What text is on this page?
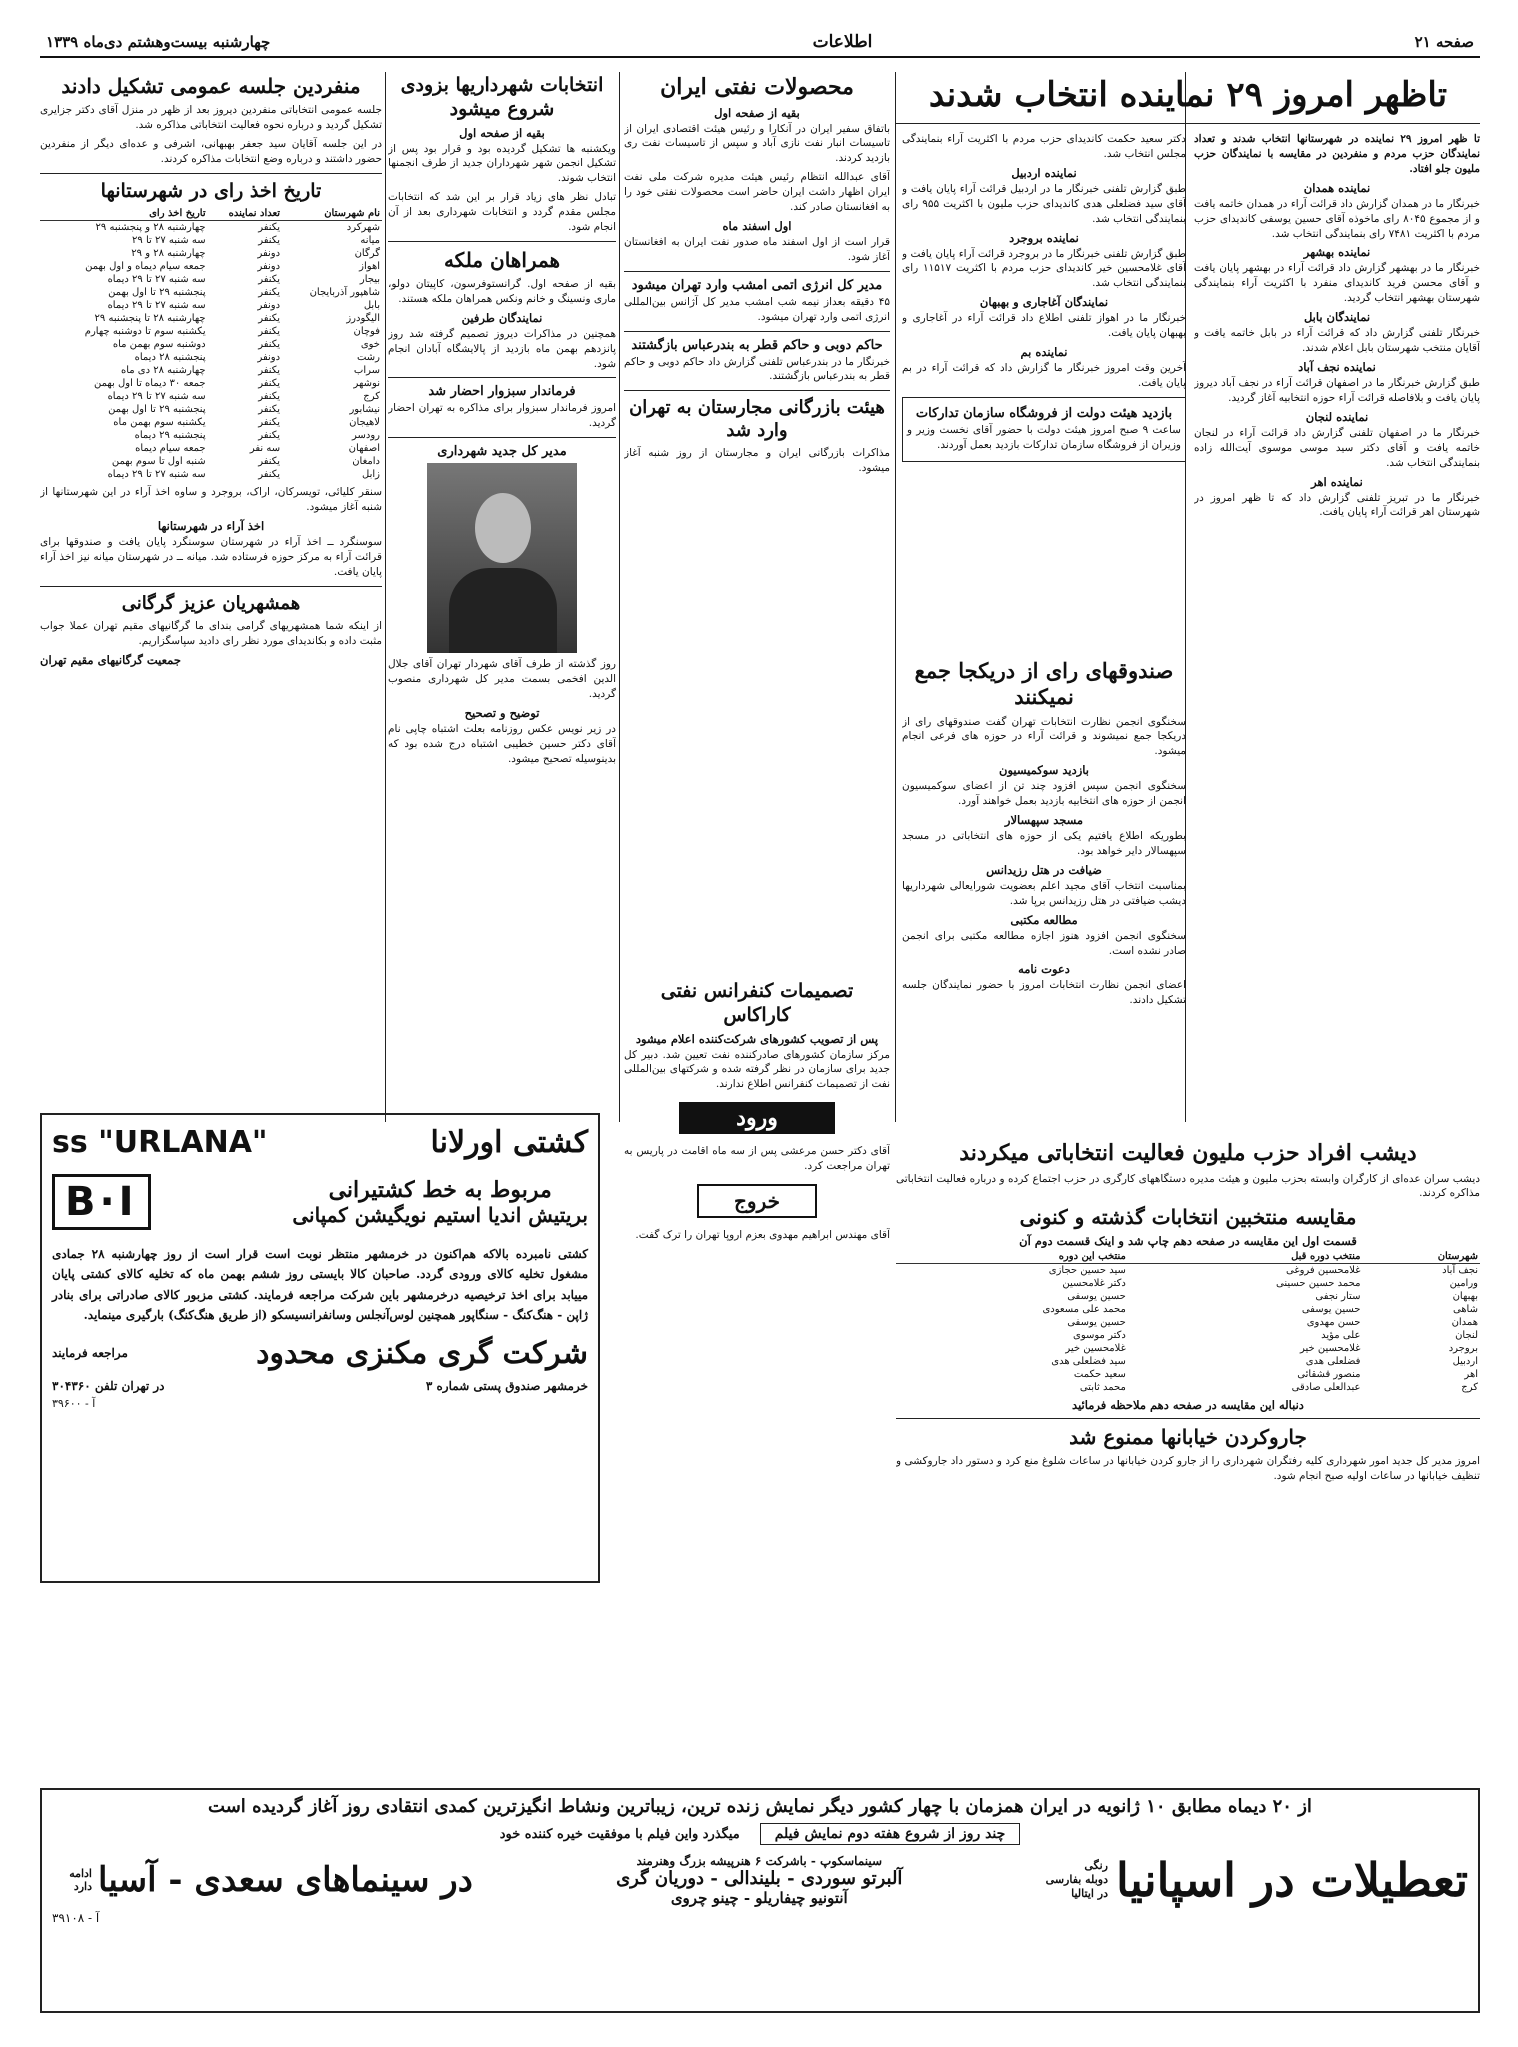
صفحه ۲۱
اطلاعات
چهارشنبه بیست‌وهشتم دی‌ماه ۱۳۳۹
تاظهر امروز ۲۹ نماینده انتخاب شدند

تا ظهر امروز ۲۹ نماینده در شهرستانها انتخاب شدند و تعداد نمایندگان حزب مردم و منفردین در مقایسه با نمایندگان حزب ملیون جلو افتاد.

نماینده همدان

خبرنگار ما در همدان گزارش داد قرائت آراء در همدان خاتمه یافت و از مجموع ۸۰۴۵ رای ماخوذه آقای حسین یوسفی کاندیدای حزب مردم با اکثریت ۷۴۸۱ رای بنمایندگی انتخاب شد.

نماینده بهشهر

خبرنگار ما در بهشهر گزارش داد قرائت آراء در بهشهر پایان یافت و آقای محسن فرید کاندیدای منفرد با اکثریت آراء بنمایندگی شهرستان بهشهر انتخاب گردید.

نمایندگان بابل

خبرنگار تلفنی گزارش داد که قرائت آراء در بابل خاتمه یافت و آقایان منتخب شهرستان بابل اعلام شدند.

نماینده نجف آباد

طبق گزارش خبرنگار ما در اصفهان قرائت آراء در نجف آباد دیروز پایان یافت و بلافاصله قرائت آراء حوزه انتخابیه آغاز گردید.

نماینده لنجان

خبرنگار ما در اصفهان تلفنی گزارش داد قرائت آراء در لنجان خاتمه یافت و آقای دکتر سید موسی موسوی آیت‌الله زاده بنمایندگی انتخاب شد.

نماینده اهر

خبرنگار ما در تبریز تلفنی گزارش داد که تا ظهر امروز در شهرستان اهر قرائت آراء پایان یافت.

دکتر سعید حکمت کاندیدای حزب مردم با اکثریت آراء بنمایندگی مجلس انتخاب شد.

نماینده اردبیل

طبق گزارش تلفنی خبرنگار ما در اردبیل قرائت آراء پایان یافت و آقای سید فضلعلی هدی کاندیدای حزب ملیون با اکثریت ۹۵۵ رای بنمایندگی انتخاب شد.

نماینده بروجرد

طبق گزارش تلفنی خبرنگار ما در بروجرد قرائت آراء پایان یافت و آقای غلامحسین خیر کاندیدای حزب مردم با اکثریت ۱۱۵۱۷ رای بنمایندگی انتخاب شد.

نمایندگان آغاجاری و بهبهان

خبرنگار ما در اهواز تلفنی اطلاع داد قرائت آراء در آغاجاری و بهبهان پایان یافت.

نماینده بم

آخرین وقت امروز خبرنگار ما گزارش داد که قرائت آراء در بم پایان یافت.

بازدید هیئت دولت از فروشگاه سازمان تدارکات

ساعت ۹ صبح امروز هیئت دولت با حضور آقای نخست وزیر و وزیران از فروشگاه سازمان تدارکات بازدید بعمل آوردند.

صندوقهای رای از دریکجا جمع نمیکنند

سخنگوی انجمن نظارت انتخابات تهران گفت صندوقهای رای از دریکجا جمع نمیشوند و قرائت آراء در حوزه های فرعی انجام میشود.

بازدید سوکمیسیون

سخنگوی انجمن سپس افزود چند تن از اعضای سوکمیسیون انجمن از حوزه های انتخابیه بازدید بعمل خواهند آورد.

مسجد سپهسالار

بطوریکه اطلاع یافتیم یکی از حوزه های انتخاباتی در مسجد سپهسالار دایر خواهد بود.

ضیافت در هتل رزیدانس

بمناسبت انتخاب آقای مجید اعلم بعضویت شورایعالی شهرداریها دیشب ضیافتی در هتل رزیدانس برپا شد.

مطالعه مکتبی

سخنگوی انجمن افزود هنوز اجازه مطالعه مکتبی برای انجمن صادر نشده است.

دعوت نامه

اعضای انجمن نظارت انتخابات امروز با حضور نمایندگان جلسه تشکیل دادند.

محصولات نفتی ایران
بقیه از صفحه اول

باتفاق سفیر ایران در آنکارا و رئیس هیئت اقتصادی ایران از تاسیسات انبار نفت نازی آباد و سپس از تاسیسات نفت ری بازدید کردند.

آقای عبدالله انتظام رئیس هیئت مدیره شرکت ملی نفت ایران اظهار داشت ایران حاضر است محصولات نفتی خود را به افغانستان صادر کند.

اول اسفند ماه

قرار است از اول اسفند ماه صدور نفت ایران به افغانستان آغاز شود.

مدیر کل انرژی اتمی امشب وارد تهران میشود

۴۵ دقیقه بعداز نیمه شب امشب مدیر کل آژانس بین‌المللی انرژی اتمی وارد تهران میشود.

حاکم دوبی و حاکم قطر به بندرعباس بازگشتند

خبرنگار ما در بندرعباس تلفنی گزارش داد حاکم دوبی و حاکم قطر به بندرعباس بازگشتند.

هیئت بازرگانی مجارستان به تهران وارد شد

مذاکرات بازرگانی ایران و مجارستان از روز شنبه آغاز میشود.

تصمیمات کنفرانس نفتی کاراکاس
پس از تصویب کشورهای شرکت‌کننده اعلام میشود

مرکز سازمان کشورهای صادرکننده نفت تعیین شد. دبیر کل جدید برای سازمان در نظر گرفته شده و شرکتهای بین‌المللی نفت از تصمیمات کنفرانس اطلاع ندارند.

ورود

آقای دکتر حسن مرعشی پس از سه ماه اقامت در پاریس به تهران مراجعت کرد.

خروج

آقای مهندس ابراهیم مهدوی بعزم اروپا تهران را ترک گفت.

انتخابات شهرداریها بزودی شروع میشود
بقیه از صفحه اول

ویکشنبه ها تشکیل گردیده بود و قرار بود پس از تشکیل انجمن شهر شهرداران جدید از طرف انجمنها انتخاب شوند.

تبادل نظر های زیاد قرار بر این شد که انتخابات مجلس مقدم گردد و انتخابات شهرداری بعد از آن انجام شود.

همراهان ملکه

بقیه از صفحه اول. گرانستوفرسون، کاپیتان دولو، ماری ونسینگ و خانم ونکس همراهان ملکه هستند.

نمایندگان طرفین

همچنین در مذاکرات دیروز تصمیم گرفته شد روز پانزدهم بهمن ماه بازدید از پالایشگاه آبادان انجام شود.

فرماندار سبزوار احضار شد

امروز فرماندار سبزوار برای مذاکره به تهران احضار گردید.

مدیر کل جدید شهرداری

روز گذشته از طرف آقای شهردار تهران آقای جلال الدین افخمی بسمت مدیر کل شهرداری منصوب گردید.

توضیح و تصحیح

در زیر نویس عکس روزنامه بعلت اشتباه چاپی نام آقای دکتر حسین خطیبی اشتباه درج شده بود که بدینوسیله تصحیح میشود.

منفردین جلسه عمومی تشکیل دادند

جلسه عمومی انتخاباتی منفردین دیروز بعد از ظهر در منزل آقای دکتر جزایری تشکیل گردید و درباره نحوه فعالیت انتخاباتی مذاکره شد.

در این جلسه آقایان سید جعفر بهبهانی، اشرفی و عده‌ای دیگر از منفردین حضور داشتند و درباره وضع انتخابات مذاکره کردند.

تاریخ اخذ رای در شهرستانها
نام شهرستان	تعداد نماینده	تاریخ اخذ رای
شهرکرد	یکنفر	چهارشنبه ۲۸ و پنجشنبه ۲۹
میانه	یکنفر	سه شنبه ۲۷ تا ۲۹
گرگان	دونفر	چهارشنبه ۲۸ و ۲۹
اهواز	دونفر	جمعه سیام دیماه و اول بهمن
بیجار	یکنفر	سه شنبه ۲۷ تا ۲۹ دیماه
شاهپور آذربایجان	یکنفر	پنجشنبه ۲۹ تا اول بهمن
بابل	دونفر	سه شنبه ۲۷ تا ۲۹ دیماه
الیگودرز	یکنفر	چهارشنبه ۲۸ تا پنجشنبه ۲۹
فوچان	یکنفر	یکشنبه سوم تا دوشنبه چهارم
خوی	یکنفر	دوشنبه سوم بهمن ماه
رشت	دونفر	پنجشنبه ۲۸ دیماه
سراب	یکنفر	چهارشنبه ۲۸ دی ماه
نوشهر	یکنفر	جمعه ۳۰ دیماه تا اول بهمن
کرج	یکنفر	سه شنبه ۲۷ تا ۲۹ دیماه
نیشابور	یکنفر	پنجشنبه ۲۹ تا اول بهمن
لاهیجان	یکنفر	یکشنبه سوم بهمن ماه
رودسر	یکنفر	پنجشنبه ۲۹ دیماه
اصفهان	سه نفر	جمعه سیام دیماه
دامغان	یکنفر	شنبه اول تا سوم بهمن
زابل	یکنفر	سه شنبه ۲۷ تا ۲۹ دیماه

سنقر کلیائی، تویسرکان، اراک، بروجرد و ساوه اخذ آراء در این شهرستانها از شنبه آغاز میشود.

اخذ آراء در شهرستانها

سوسنگرد ــ اخذ آراء در شهرستان سوسنگرد پایان یافت و صندوقها برای قرائت آراء به مرکز حوزه فرستاده شد. میانه ــ در شهرستان میانه نیز اخذ آراء پایان یافت.

همشهریان عزیز گرگانی

از اینکه شما همشهریهای گرامی بندای ما گرگانیهای مقیم تهران عملا جواب مثبت داده و بکاندیدای مورد نظر رای دادید سپاسگزاریم.

جمعیت گرگانیهای مقیم تهران
کشتی اورلانا
ss "URLANA"
مربوط به خط کشتیرانی
بریتیش اندیا استیم نویگیشن کمپانی
B·I

کشتی نامبرده بالاکه هم‌اکنون در خرمشهر منتظر نوبت است قرار است از روز چهارشنبه ۲۸ جمادی مشغول تخلیه کالای ورودی گردد. صاحبان کالا بایستی روز ششم بهمن ماه که تخلیه کالای کشتی پایان مییابد برای اخذ ترخیصیه درخرمشهر باین شرکت مراجعه فرمایند. کشتی مزبور کالای صادراتی برای بنادر ژاپن - هنگ‌کنگ - سنگاپور همچنین لوس‌آنجلس وسانفرانسیسکو (از طریق هنگ‌کنگ) بارگیری مینماید.

شرکت گری مکنزی محدود
مراجعه فرمایند
خرمشهر صندوق پستی شماره ۳
در تهران تلفن ۳۰۴۳۶۰
آ - ۳۹۶۰۰
دیشب افراد حزب ملیون فعالیت انتخاباتی میکردند

دیشب سران عده‌ای از کارگران وابسته بحزب ملیون و هیئت مدیره دستگاههای کارگری در حزب اجتماع کرده و درباره فعالیت انتخاباتی مذاکره کردند.

مقایسه منتخبین انتخابات گذشته و کنونی
قسمت اول این مقایسه در صفحه دهم چاپ شد و اینک قسمت دوم آن
شهرستان	منتخب دوره قبل	منتخب این دوره
نجف آباد	غلامحسین فروغی	سید حسین حجازی
ورامین	محمد حسین حسینی	دکتر غلامحسین
بهبهان	ستار نجفی	حسین یوسفی
شاهی	حسین یوسفی	محمد علی مسعودی
همدان	حسن مهدوی	حسین یوسفی
لنجان	علی مؤید	دکتر موسوی
بروجرد	غلامحسین خیر	غلامحسین خیر
اردبیل	فضلعلی هدی	سید فضلعلی هدی
اهر	منصور قشقائی	سعید حکمت
کرج	عبدالعلی صادقی	محمد ثابتی
دنباله این مقایسه در صفحه دهم ملاحظه فرمائید
جاروکردن خیابانها ممنوع شد

امروز مدیر کل جدید امور شهرداری کلیه رفتگران شهرداری را از جارو کردن خیابانها در ساعات شلوغ منع کرد و دستور داد جاروکشی و تنظیف خیابانها در ساعات اولیه صبح انجام شود.

از ۲۰ دیماه مطابق ۱۰ ژانویه در ایران همزمان با چهار کشور دیگر نمایش زنده ترین، زیباترین ونشاط انگیزترین کمدی انتقادی روز آغاز گردیده است
چند روز از شروع هفته دوم نمایش فیلم
میگذرد واین فیلم با موفقیت خیره کننده خود
تعطیلات در اسپانیا
رنگی
دوبله بفارسی
در ایتالیا
سینماسکوپ - باشرکت ۶ هنرپیشه بزرگ وهنرمند
آلبرتو سوردی - بلیندالی - دوریان گری
آنتونیو چیفاریلو - چینو چروی
در سینماهای سعدی - آسیا
ادامه دارد
آ - ۳۹۱۰۸
